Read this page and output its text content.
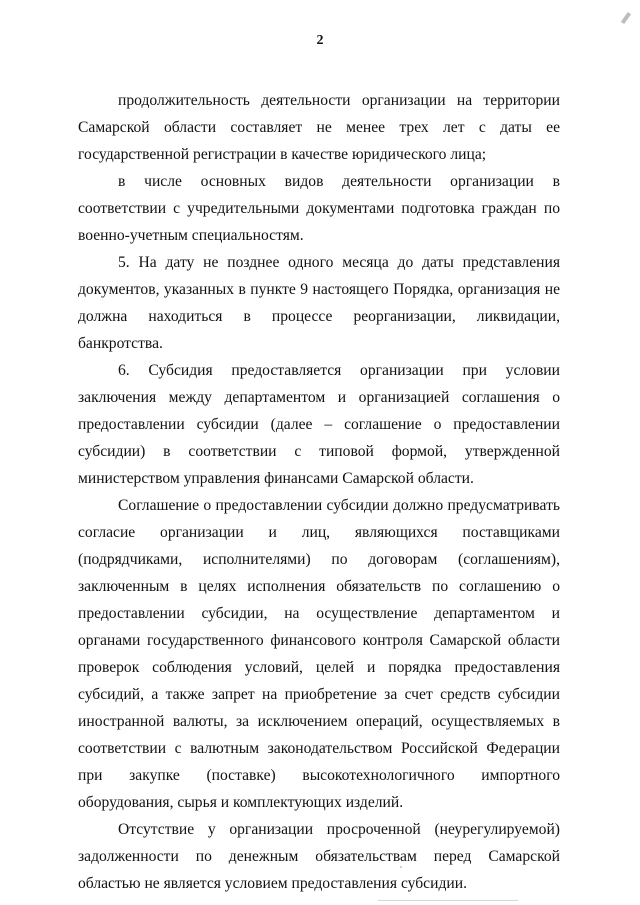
2

продолжительность деятельности организации на территории Самарской области составляет не менее трех лет с даты ее государственной регистрации в качестве юридического лица;

в числе основных видов деятельности организации в соответствии с учредительными документами подготовка граждан по военно-учетным специальностям.

5. На дату не позднее одного месяца до даты представления документов, указанных в пункте 9 настоящего Порядка, организация не должна находиться в процессе реорганизации, ликвидации, банкротства.

6. Субсидия предоставляется организации при условии заключения между департаментом и организацией соглашения о предоставлении субсидии (далее – соглашение о предоставлении субсидии) в соответствии с типовой формой, утвержденной министерством управления финансами Самарской области.

Соглашение о предоставлении субсидии должно предусматривать согласие организации и лиц, являющихся поставщиками (подрядчиками, исполнителями) по договорам (соглашениям), заключенным в целях исполнения обязательств по соглашению о предоставлении субсидии, на осуществление департаментом и органами государственного финансового контроля Самарской области проверок соблюдения условий, целей и порядка предоставления субсидий, а также запрет на приобретение за счет средств субсидии иностранной валюты, за исключением операций, осуществляемых в соответствии с валютным законодательством Российской Федерации при закупке (поставке) высокотехнологичного импортного оборудования, сырья и комплектующих изделий.

Отсутствие у организации просроченной (неурегулируемой) задолженности по денежным обязательствам перед Самарской областью не является условием предоставления субсидии.
